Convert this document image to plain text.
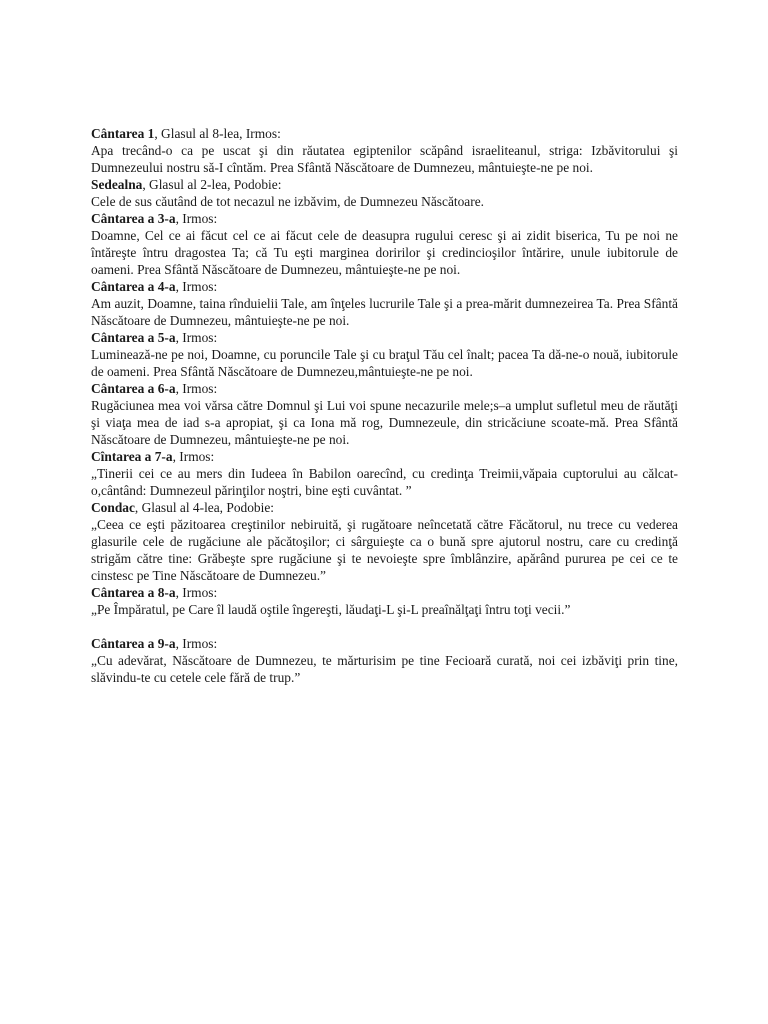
Cântarea 1, Glasul al 8-lea, Irmos:

Apa trecând-o ca pe uscat şi din răutatea egiptenilor scăpând israeliteanul, striga: Izbăvitorului şi Dumnezeului nostru să-I cîntăm. Prea Sfântă Născătoare de Dumnezeu, mântuieşte-ne pe noi.

Sedealna, Glasul al 2-lea, Podobie:

Cele de sus căutând de tot necazul ne izbăvim, de Dumnezeu Născătoare.

Cântarea a 3-a, Irmos:

Doamne, Cel ce ai făcut cel ce ai făcut cele de deasupra rugului ceresc şi ai zidit biserica, Tu pe noi ne întăreşte întru dragostea Ta; că Tu eşti marginea doririlor şi credincioşilor întărire, unule iubitorule de oameni. Prea Sfântă Născătoare de Dumnezeu, mântuieşte-ne pe noi.

Cântarea a 4-a, Irmos:

Am auzit, Doamne, taina rînduielii Tale, am înţeles lucrurile Tale şi a prea-mărit dumnezeirea Ta. Prea Sfântă Născătoare de Dumnezeu, mântuieşte-ne pe noi.

Cântarea a 5-a, Irmos:

Luminează-ne pe noi, Doamne, cu poruncile Tale şi cu braţul Tău cel înalt; pacea Ta dă-ne-o nouă, iubitorule de oameni. Prea Sfântă Născătoare de Dumnezeu,mântuieşte-ne pe noi.

Cântarea a 6-a, Irmos:

Rugăciunea mea voi vărsa către Domnul şi Lui voi spune necazurile mele;s–a umplut sufletul meu de răutăţi şi viaţa mea de iad s-a apropiat, şi ca Iona mă rog, Dumnezeule, din stricăciune scoate-mă. Prea Sfântă Născătoare de Dumnezeu, mântuieşte-ne pe noi.

Cîntarea a 7-a, Irmos:

„Tinerii cei ce au mers din Iudeea în Babilon oarecînd, cu credinţa Treimii,văpaia cuptorului au călcat-o,cântând: Dumnezeul părinţilor noştri, bine eşti cuvântat. ”

Condac, Glasul al 4-lea, Podobie:

„Ceea ce eşti păzitoarea creştinilor nebiruită, şi rugătoare neîncetată către Făcătorul, nu trece cu vederea glasurile cele de rugăciune ale păcătoşilor; ci sârguieşte ca o bună spre ajutorul nostru, care cu credinţă strigăm către tine: Grăbeşte spre rugăciune şi te nevoieşte spre îmblânzire, apărând pururea pe cei ce te cinstesc pe Tine Născătoare de Dumnezeu.”

Cântarea a 8-a, Irmos:

„Pe Împăratul, pe Care îl laudă oştile îngereşti, lăudaţi-L şi-L preaînălţaţi întru toţi vecii.”

Cântarea a 9-a, Irmos:

„Cu adevărat, Născătoare de Dumnezeu, te mărturisim pe tine Fecioară curată, noi cei izbăviţi prin tine, slăvindu-te cu cetele cele fără de trup.”
